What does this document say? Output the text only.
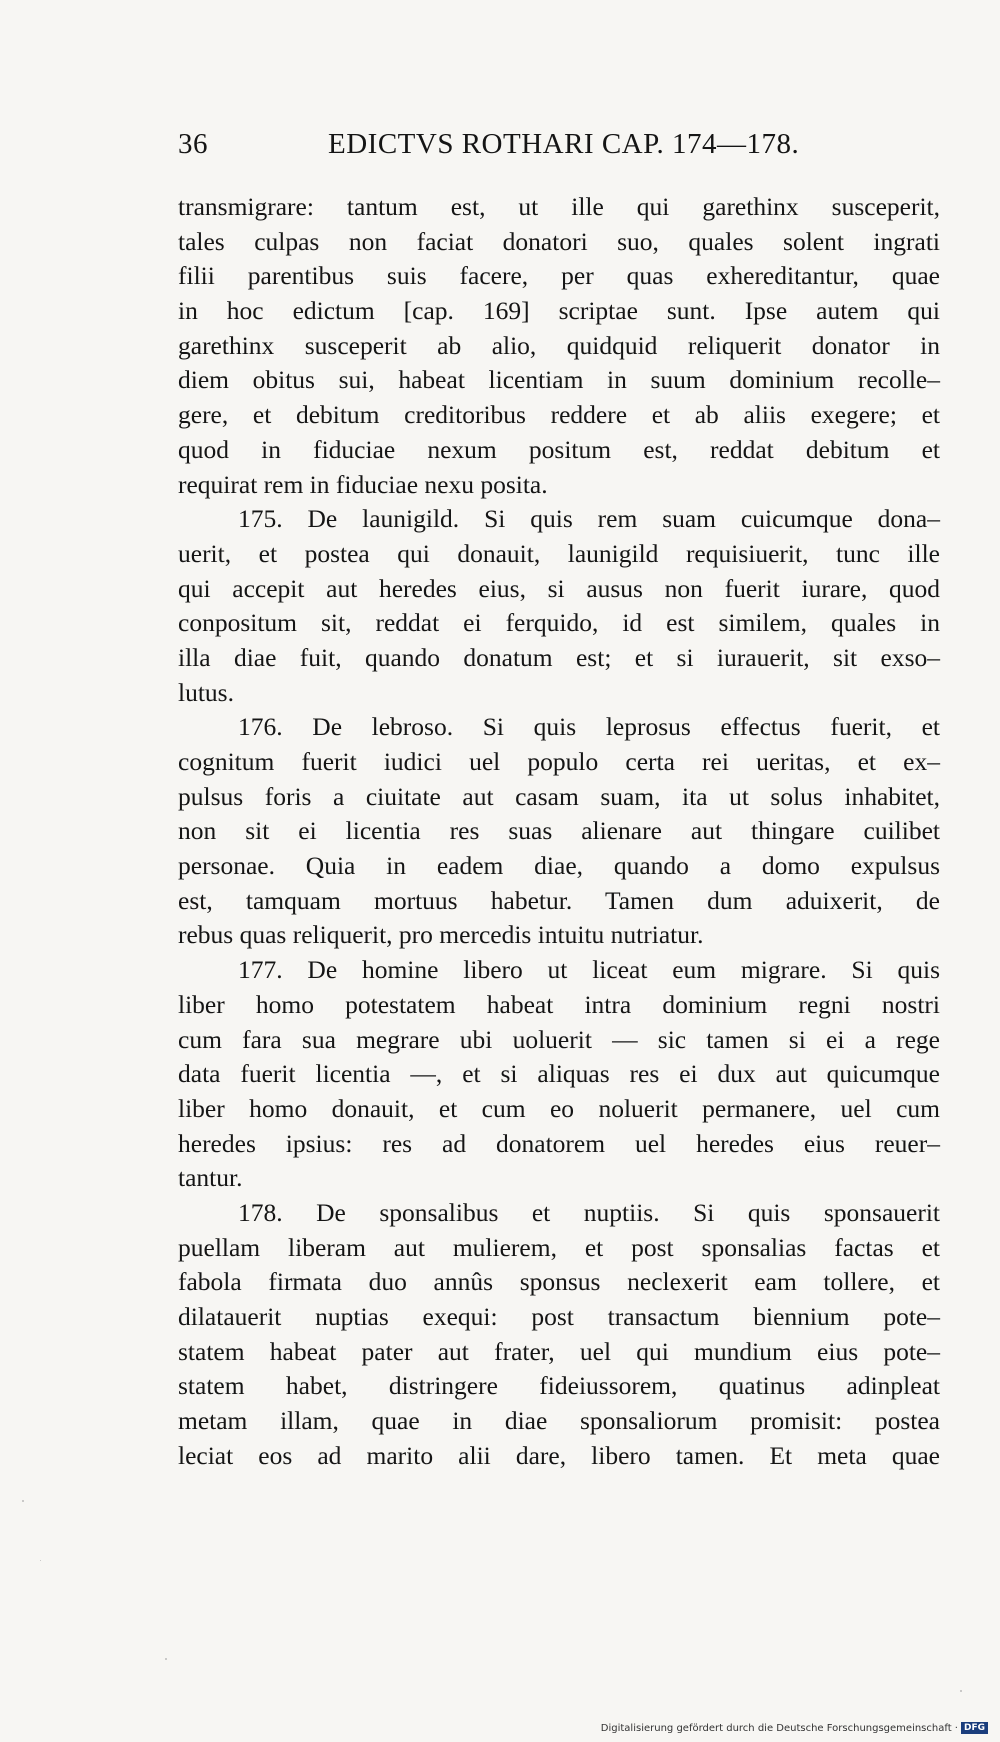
36	EDICTVS ROTHARI CAP. 174—178.
transmigrare: tantum est, ut ille qui garethinx susceperit,
tales culpas non faciat donatori suo, quales solent ingrati
filii parentibus suis facere, per quas exhereditantur, quae
in hoc edictum [cap. 169] scriptae sunt. Ipse autem qui
garethinx susceperit ab alio, quidquid reliquerit donator in
diem obitus sui, habeat licentiam in suum dominium recolle–
gere, et debitum creditoribus reddere et ab aliis exegere; et
quod in fiduciae nexum positum est, reddat debitum et
requirat rem in fiduciae nexu posita.
175. De launigild. Si quis rem suam cuicumque dona–
uerit, et postea qui donauit, launigild requisiuerit, tunc ille
qui accepit aut heredes eius, si ausus non fuerit iurare, quod
conpositum sit, reddat ei ferquido, id est similem, quales in
illa diae fuit, quando donatum est; et si iurauerit, sit exso–
lutus.
176. De lebroso. Si quis leprosus effectus fuerit, et
cognitum fuerit iudici uel populo certa rei ueritas, et ex–
pulsus foris a ciuitate aut casam suam, ita ut solus inhabitet,
non sit ei licentia res suas alienare aut thingare cuilibet
personae. Quia in eadem diae, quando a domo expulsus
est, tamquam mortuus habetur. Tamen dum aduixerit, de
rebus quas reliquerit, pro mercedis intuitu nutriatur.
177. De homine libero ut liceat eum migrare. Si quis
liber homo potestatem habeat intra dominium regni nostri
cum fara sua megrare ubi uoluerit — sic tamen si ei a rege
data fuerit licentia —, et si aliquas res ei dux aut quicumque
liber homo donauit, et cum eo noluerit permanere, uel cum
heredes ipsius: res ad donatorem uel heredes eius reuer–
tantur.
178. De sponsalibus et nuptiis. Si quis sponsauerit
puellam liberam aut mulierem, et post sponsalias factas et
fabola firmata duo annûs sponsus neclexerit eam tollere, et
dilatauerit nuptias exequi: post transactum biennium pote–
statem habeat pater aut frater, uel qui mundium eius pote–
statem habet, distringere fideiussorem, quatinus adinpleat
metam illam, quae in diae sponsaliorum promisit: postea
leciat eos ad marito alii dare, libero tamen. Et meta quae
Digitalisierung gefördert durch die Deutsche Forschungsgemeinschaft · DFG
